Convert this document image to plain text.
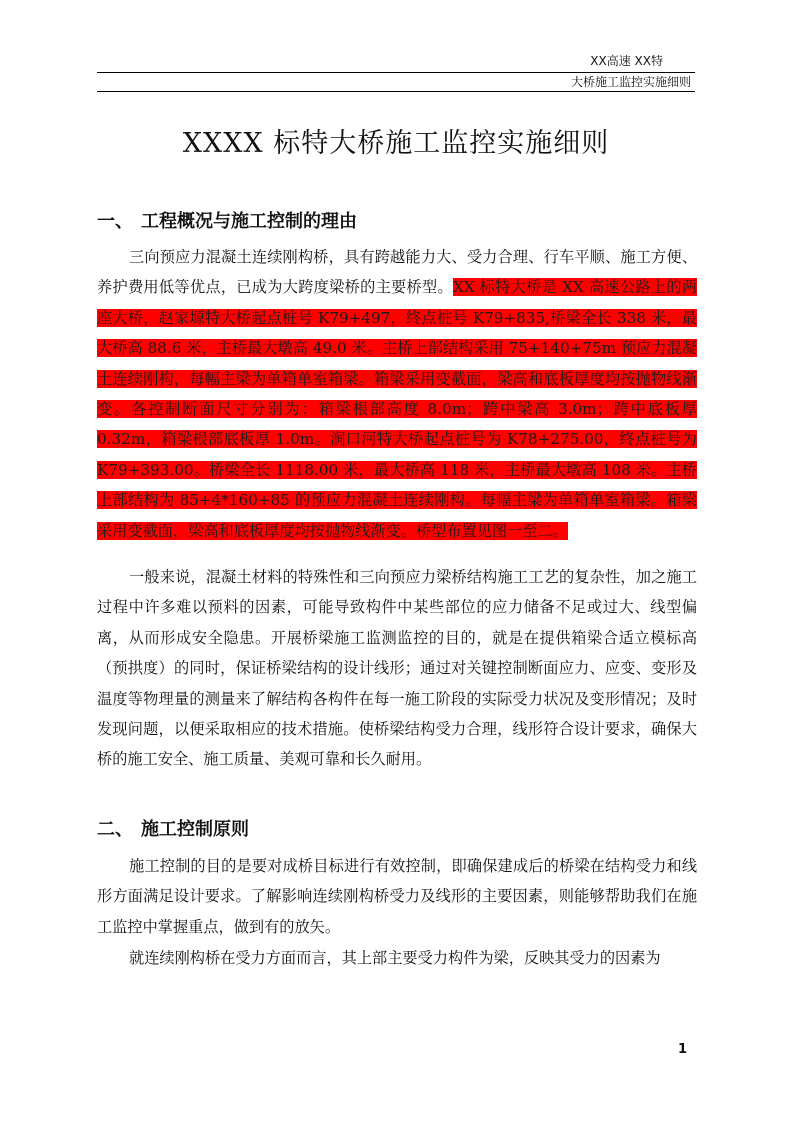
XX高速 XX特
大桥施工监控实施细则
XXXX 标特大桥施工监控实施细则
一、 工程概况与施工控制的理由

三向预应力混凝土连续刚构桥，具有跨越能力大、受力合理、行车平顺、施工方便、养护费用低等优点，已成为大跨度梁桥的主要桥型。XX 标特大桥是 XX 高速公路上的两座大桥，赵家塬特大桥起点桩号 K79+497，终点桩号 K79+835,桥梁全长 338 米，最大桥高 88.6 米，主桥最大墩高 49.0 米。主桥上部结构采用 75+140+75m 预应力混凝土连续刚构，每幅主梁为单箱单室箱梁。箱梁采用变截面，梁高和底板厚度均按抛物线渐变。各控制断面尺寸分别为：箱梁根部高度 8.0m；跨中梁高 3.0m；跨中底板厚 0.32m，箱梁根部底板厚 1.0m。涧口河特大桥起点桩号为 K78+275.00，终点桩号为 K79+393.00。桥梁全长 1118.00 米，最大桥高 118 米，主桥最大墩高 108 米。主桥上部结构为 85+4*160+85 的预应力混凝土连续刚构。每幅主梁为单箱单室箱梁。箱梁采用变截面，梁高和底板厚度均按抛物线渐变。桥型布置见图一至二。

一般来说，混凝土材料的特殊性和三向预应力梁桥结构施工工艺的复杂性，加之施工过程中许多难以预料的因素，可能导致构件中某些部位的应力储备不足或过大、线型偏离，从而形成安全隐患。开展桥梁施工监测监控的目的，就是在提供箱梁合适立模标高（预拱度）的同时，保证桥梁结构的设计线形；通过对关键控制断面应力、应变、变形及温度等物理量的测量来了解结构各构件在每一施工阶段的实际受力状况及变形情况；及时发现问题，以便采取相应的技术措施。使桥梁结构受力合理，线形符合设计要求，确保大桥的施工安全、施工质量、美观可靠和长久耐用。

二、 施工控制原则

施工控制的目的是要对成桥目标进行有效控制，即确保建成后的桥梁在结构受力和线形方面满足设计要求。了解影响连续刚构桥受力及线形的主要因素，则能够帮助我们在施工监控中掌握重点，做到有的放矢。

就连续刚构桥在受力方面而言，其上部主要受力构件为梁，反映其受力的因素为

1
